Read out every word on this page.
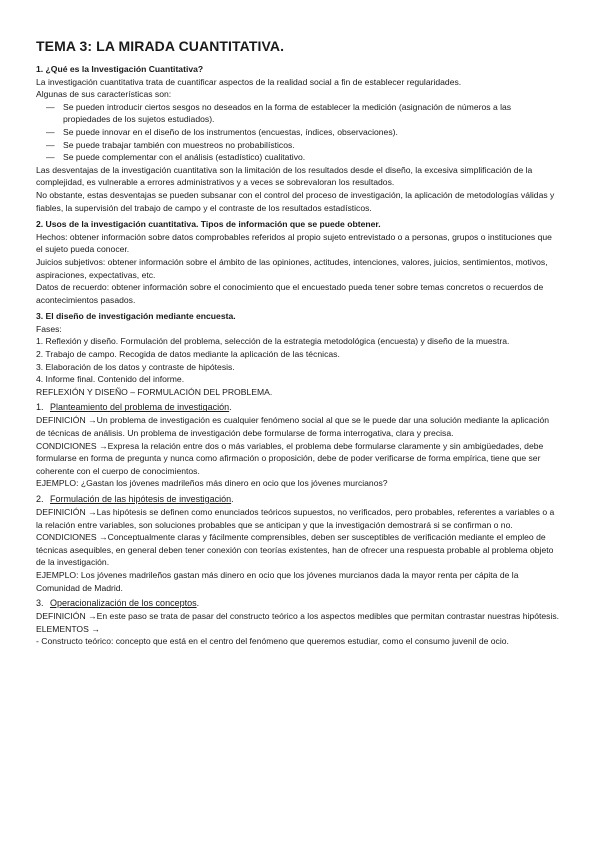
TEMA 3: LA MIRADA CUANTITATIVA.
1. ¿Qué es la Investigación Cuantitativa?
La investigación cuantitativa trata de cuantificar aspectos de la realidad social a fin de establecer regularidades.
Algunas de sus características son:
— Se pueden introducir ciertos sesgos no deseados en la forma de establecer la medición (asignación de números a las propiedades de los sujetos estudiados).
— Se puede innovar en el diseño de los instrumentos (encuestas, índices, observaciones).
— Se puede trabajar también con muestreos no probabilísticos.
— Se puede complementar con el análisis (estadístico) cualitativo.
Las desventajas de la investigación cuantitativa son la limitación de los resultados desde el diseño, la excesiva simplificación de la complejidad, es vulnerable a errores administrativos y a veces se sobrevaloran los resultados.
No obstante, estas desventajas se pueden subsanar con el control del proceso de investigación, la aplicación de metodologías válidas y fiables, la supervisión del trabajo de campo y el contraste de los resultados estadísticos.
2. Usos de la investigación cuantitativa. Tipos de información que se puede obtener.
Hechos: obtener información sobre datos comprobables referidos al propio sujeto entrevistado o a personas, grupos o instituciones que el sujeto pueda conocer.
Juicios subjetivos: obtener información sobre el ámbito de las opiniones, actitudes, intenciones, valores, juicios, sentimientos, motivos, aspiraciones, expectativas, etc.
Datos de recuerdo: obtener información sobre el conocimiento que el encuestado pueda tener sobre temas concretos o recuerdos de acontecimientos pasados.
3. El diseño de investigación mediante encuesta.
Fases:
1. Reflexión y diseño. Formulación del problema, selección de la estrategia metodológica (encuesta) y diseño de la muestra.
2. Trabajo de campo. Recogida de datos mediante la aplicación de las técnicas.
3. Elaboración de los datos y contraste de hipótesis.
4. Informe final. Contenido del informe.
REFLEXIÓN Y DISEÑO – FORMULACIÓN DEL PROBLEMA.
1. Planteamiento del problema de investigación.
DEFINICIÓN →Un problema de investigación es cualquier fenómeno social al que se le puede dar una solución mediante la aplicación de técnicas de análisis. Un problema de investigación debe formularse de forma interrogativa, clara y precisa.
CONDICIONES →Expresa la relación entre dos o más variables, el problema debe formularse claramente y sin ambigüedades, debe formularse en forma de pregunta y nunca como afirmación o proposición, debe de poder verificarse de forma empírica, tiene que ser coherente con el cuerpo de conocimientos.
EJEMPLO: ¿Gastan los jóvenes madrileños más dinero en ocio que los jóvenes murcianos?
2. Formulación de las hipótesis de investigación.
DEFINICIÓN →Las hipótesis se definen como enunciados teóricos supuestos, no verificados, pero probables, referentes a variables o a la relación entre variables, son soluciones probables que se anticipan y que la investigación demostrará si se confirman o no.
CONDICIONES →Conceptualmente claras y fácilmente comprensibles, deben ser susceptibles de verificación mediante el empleo de técnicas asequibles, en general deben tener conexión con teorías existentes, han de ofrecer una respuesta probable al problema objeto de la investigación.
EJEMPLO: Los jóvenes madrileños gastan más dinero en ocio que los jóvenes murcianos dada la mayor renta per cápita de la Comunidad de Madrid.
3. Operacionalización de los conceptos.
DEFINICIÓN →En este paso se trata de pasar del constructo teórico a los aspectos medibles que permitan contrastar nuestras hipótesis.
ELEMENTOS →
- Constructo teórico: concepto que está en el centro del fenómeno que queremos estudiar, como el consumo juvenil de ocio.
